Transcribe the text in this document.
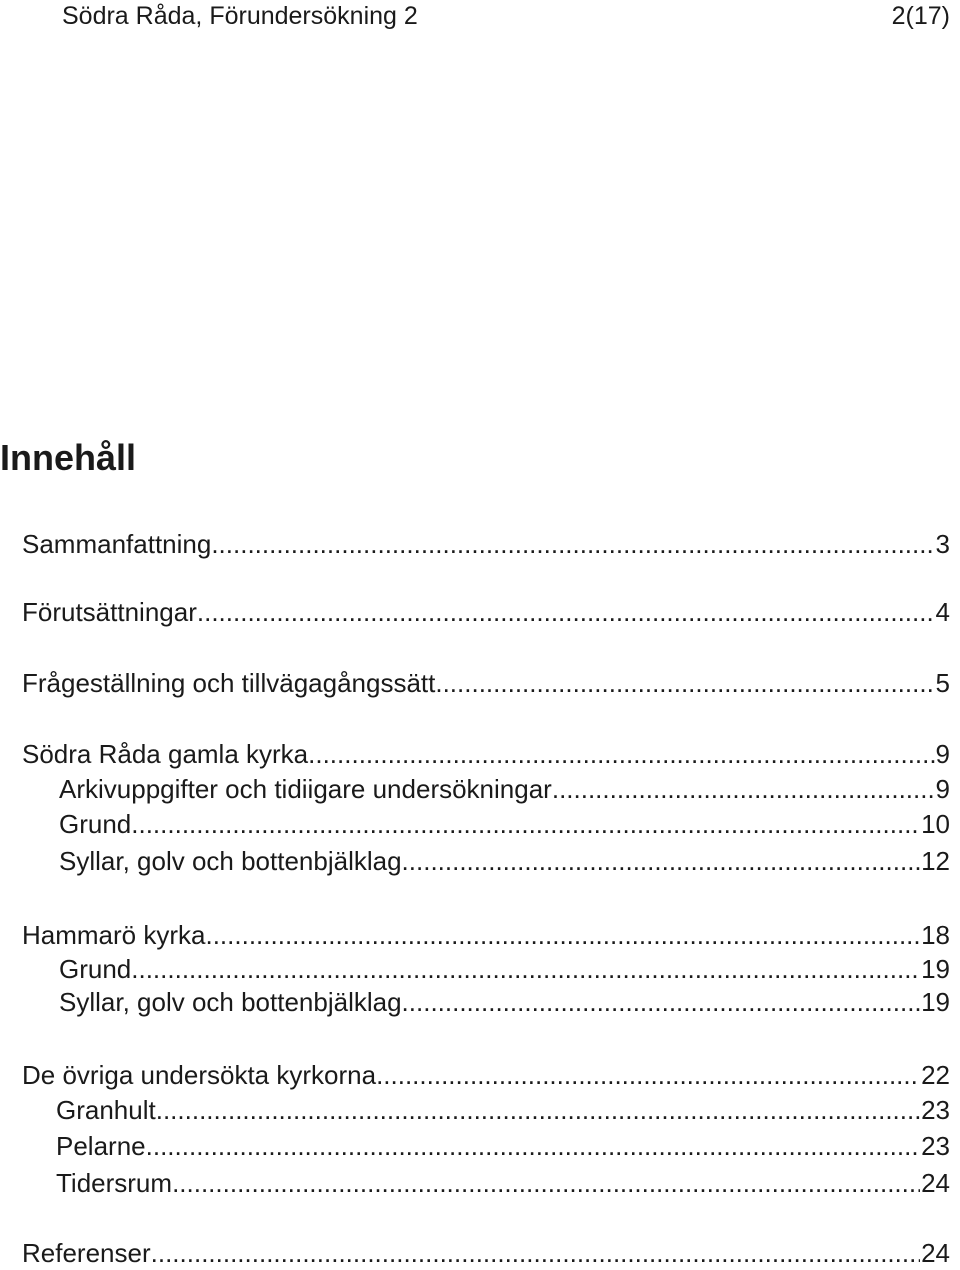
Södra Råda, Förundersökning 2	2(17)
Innehåll
Sammanfattning .....	3
Förutsättningar .....	4
Frågeställning och tillvägagångssätt .....	5
Södra Råda gamla kyrka .....	9
Arkivuppgifter och tidiigare undersökningar .....	9
Grund .....	10
Syllar, golv och bottenbjälklag .....	12
Hammarö kyrka .....	18
Grund .....	19
Syllar, golv och bottenbjälklag .....	19
De övriga undersökta kyrkorna .....	22
Granhult .....	23
Pelarne .....	23
Tidersrum .....	24
Referenser .....	24
